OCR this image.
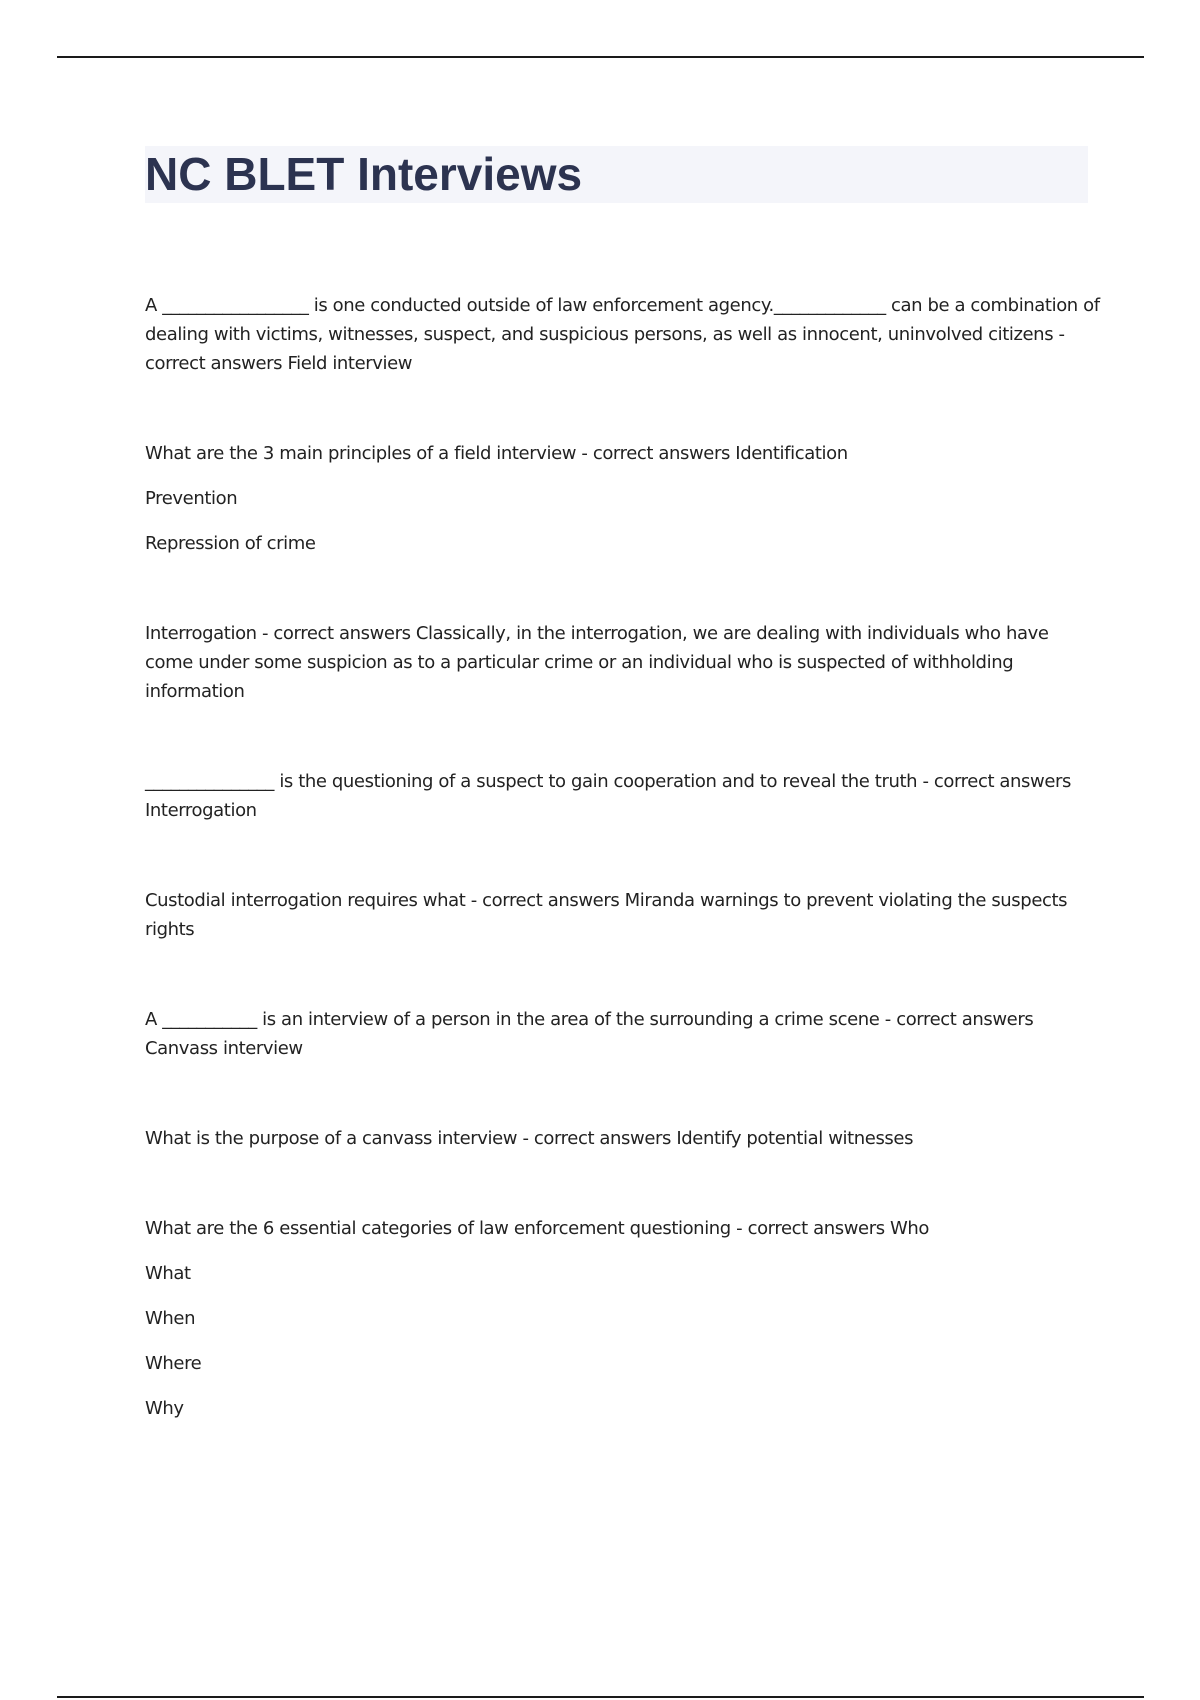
NC BLET Interviews

A _________________ is one conducted outside of law enforcement agency._____________ can be a combination of dealing with victims, witnesses, suspect, and suspicious persons, as well as innocent, uninvolved citizens - correct answers Field interview

What are the 3 main principles of a field interview - correct answers Identification

Prevention

Repression of crime

Interrogation - correct answers Classically, in the interrogation, we are dealing with individuals who have come under some suspicion as to a particular crime or an individual who is suspected of withholding information

_______________ is the questioning of a suspect to gain cooperation and to reveal the truth - correct answers Interrogation

Custodial interrogation requires what - correct answers Miranda warnings to prevent violating the suspects rights

A ___________ is an interview of a person in the area of the surrounding a crime scene - correct answers Canvass interview

What is the purpose of a canvass interview - correct answers Identify potential witnesses

What are the 6 essential categories of law enforcement questioning - correct answers Who

What

When

Where

Why
